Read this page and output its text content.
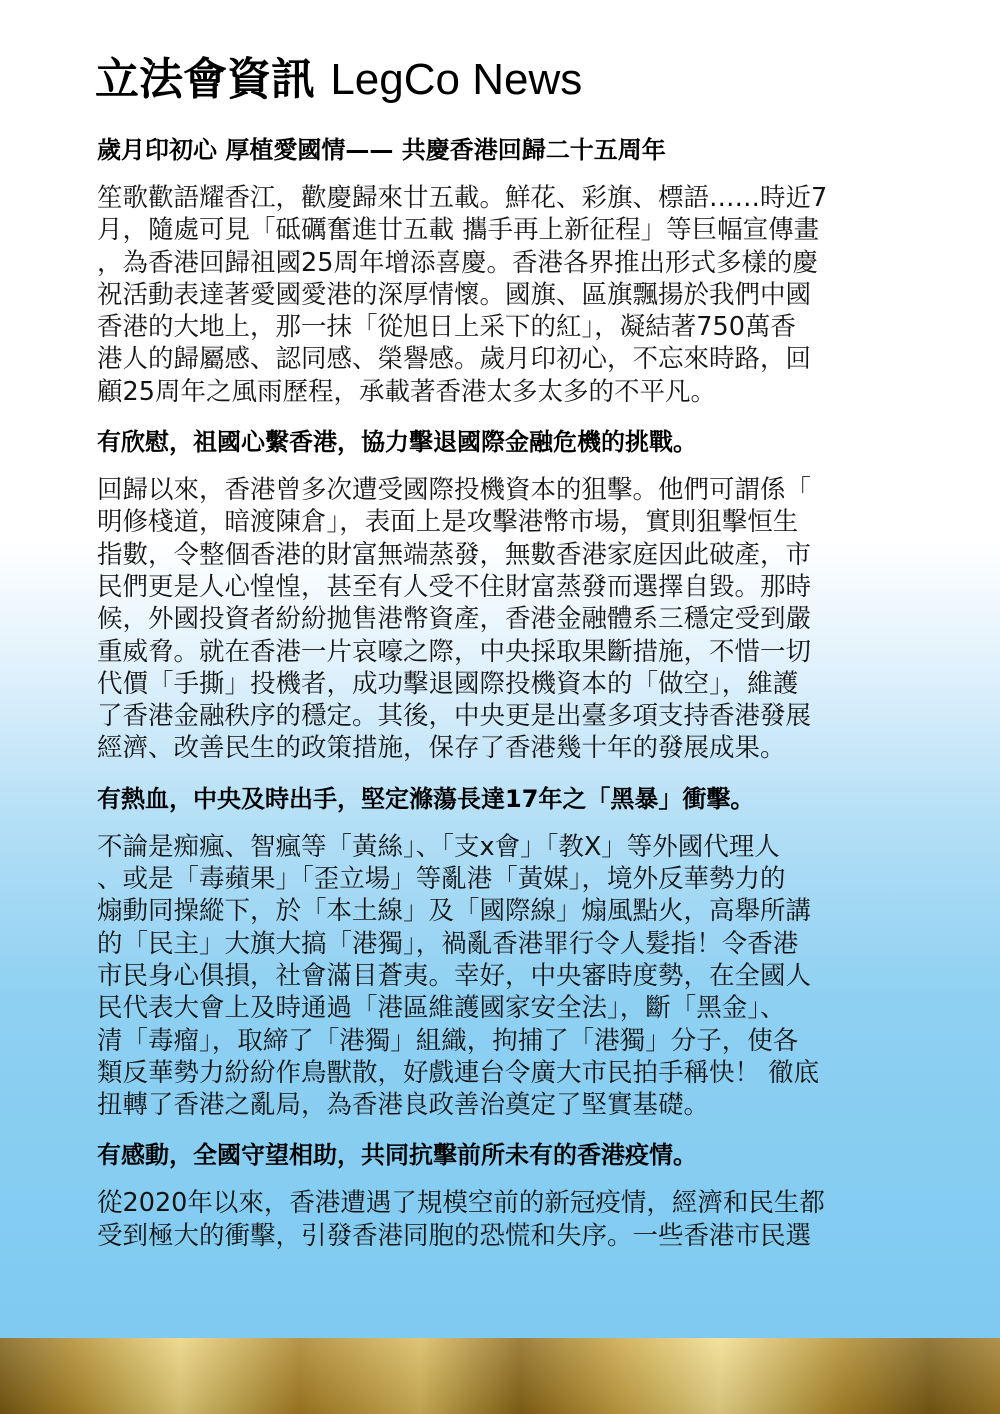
立法會資訊 LegCo News
歲月印初心 厚植愛國情—— 共慶香港回歸二十五周年
笙歌歡語耀香江，歡慶歸來廿五載。鮮花、彩旗、標語……時近7
月，隨處可見「砥礪奮進廿五載 攜手再上新征程」等巨幅宣傳畫
，為香港回歸祖國25周年增添喜慶。香港各界推出形式多樣的慶
祝活動表達著愛國愛港的深厚情懷。國旗、區旗飄揚於我們中國
香港的大地上，那一抹「從旭日上采下的紅」，凝結著750萬香
港人的歸屬感、認同感、榮譽感。歲月印初心，不忘來時路，回
顧25周年之風雨歷程，承載著香港太多太多的不平凡。
有欣慰，祖國心繫香港，協力擊退國際金融危機的挑戰。
回歸以來，香港曾多次遭受國際投機資本的狙擊。他們可謂係「
明修棧道，暗渡陳倉」，表面上是攻擊港幣市場，實則狙擊恒生
指數，令整個香港的財富無端蒸發，無數香港家庭因此破產，市
民們更是人心惶惶，甚至有人受不住財富蒸發而選擇自毀。那時
候，外國投資者紛紛拋售港幣資產，香港金融體系三穩定受到嚴
重威脅。就在香港一片哀嚎之際，中央採取果斷措施，不惜一切
代價「手撕」投機者，成功擊退國際投機資本的「做空」，維護
了香港金融秩序的穩定。其後，中央更是出臺多項支持香港發展
經濟、改善民生的政策措施，保存了香港幾十年的發展成果。
有熱血，中央及時出手，堅定滌蕩長達17年之「黑暴」衝擊。
不論是痴瘋、智瘋等「黃絲」、「支x會」「教X」等外國代理人
、或是「毒蘋果」「歪立場」等亂港「黃媒」，境外反華勢力的
煽動同操縱下，於「本土線」及「國際線」煽風點火，高舉所講
的「民主」大旗大搞「港獨」，禍亂香港罪行令人髮指！令香港
市民身心俱損，社會滿目蒼夷。幸好，中央審時度勢，在全國人
民代表大會上及時通過「港區維護國家安全法」，斷「黑金」、
清「毒瘤」，取締了「港獨」組織，拘捕了「港獨」分子，使各
類反華勢力紛紛作鳥獸散，好戲連台令廣大市民拍手稱快！ 徹底
扭轉了香港之亂局，為香港良政善治奠定了堅實基礎。
有感動，全國守望相助，共同抗擊前所未有的香港疫情。
從2020年以來，香港遭遇了規模空前的新冠疫情，經濟和民生都
受到極大的衝擊，引發香港同胞的恐慌和失序。一些香港市民選
